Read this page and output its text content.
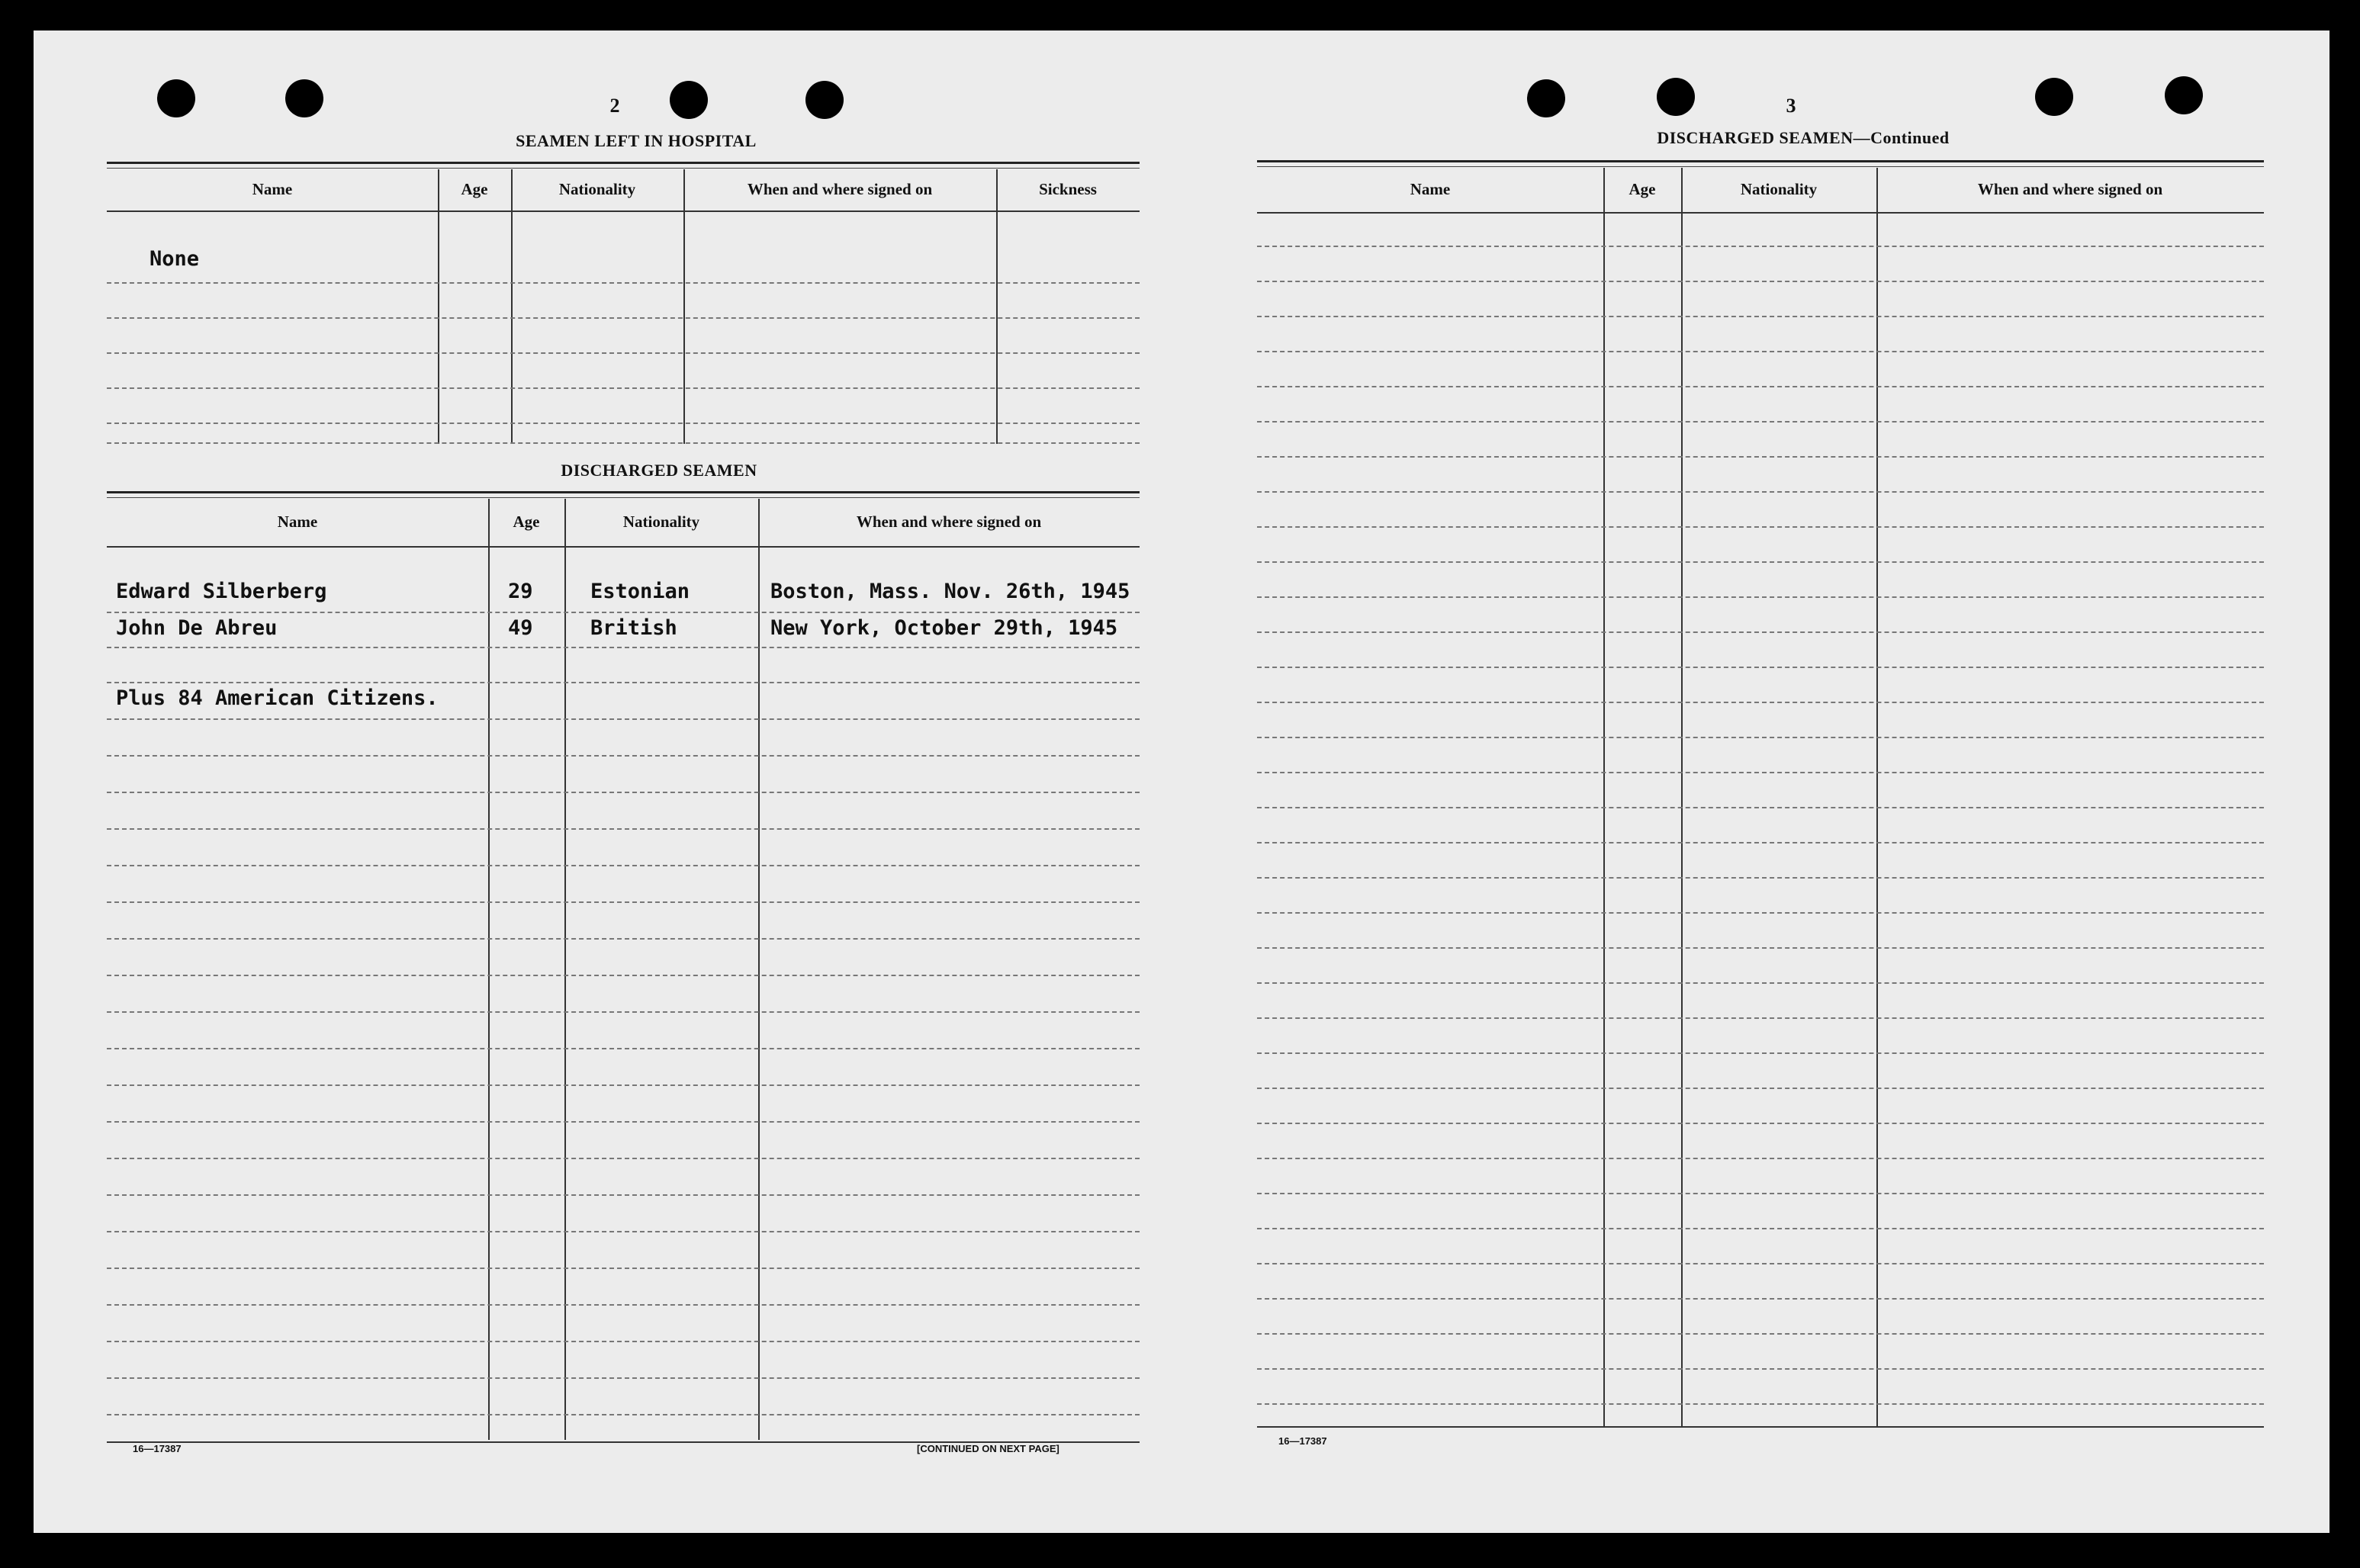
2
SEAMEN LEFT IN HOSPITAL
Name	Age	Nationality	When and where signed on	Sickness
None
DISCHARGED SEAMEN
Name	Age	Nationality	When and where signed on
Edward Silberberg	29	Estonian	Boston, Mass. Nov. 26th, 1945
John De Abreu	49	British	New York, October 29th, 1945
Plus 84 American Citizens.
16—17387	[CONTINUED ON NEXT PAGE]
3
DISCHARGED SEAMEN—Continued
Name	Age	Nationality	When and where signed on
16—17387
